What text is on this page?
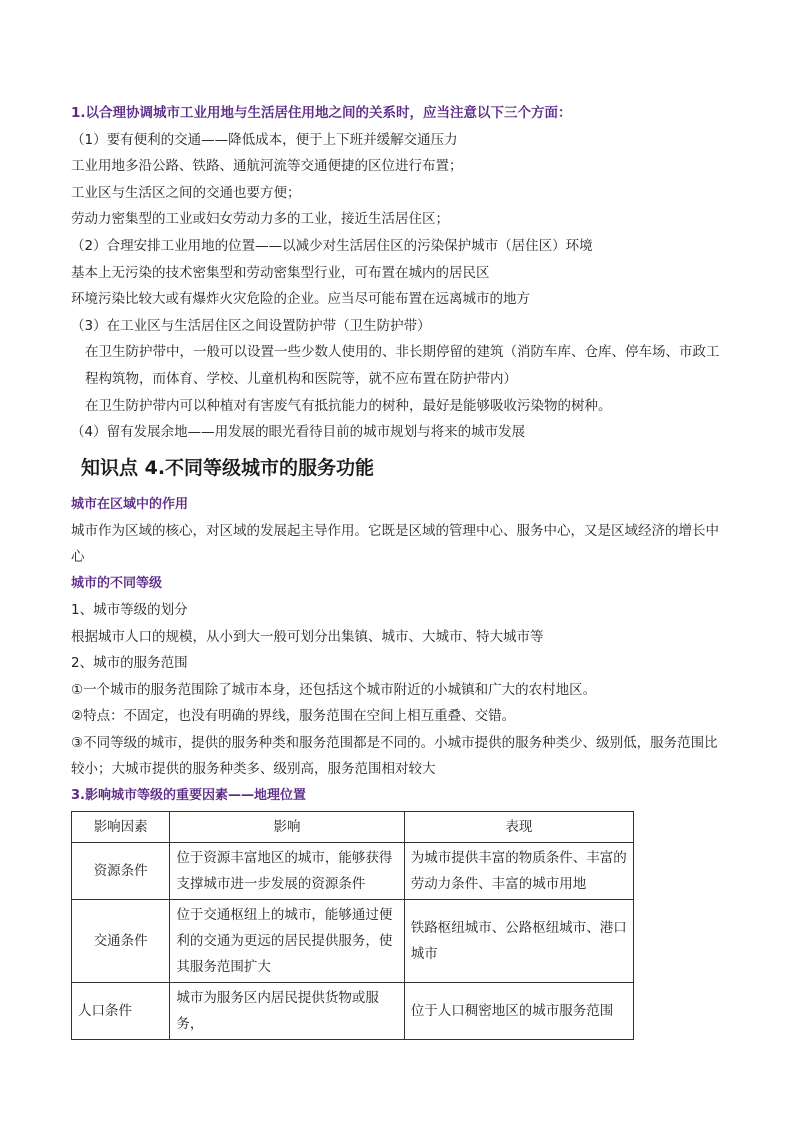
1.以合理协调城市工业用地与生活居住用地之间的关系时，应当注意以下三个方面：
（1）要有便利的交通——降低成本，便于上下班并缓解交通压力
工业用地多沿公路、铁路、通航河流等交通便捷的区位进行布置；
工业区与生活区之间的交通也要方便；
劳动力密集型的工业或妇女劳动力多的工业，接近生活居住区；
（2）合理安排工业用地的位置——以减少对生活居住区的污染保护城市（居住区）环境
基本上无污染的技术密集型和劳动密集型行业，可布置在城内的居民区
环境污染比较大或有爆炸火灾危险的企业。应当尽可能布置在远离城市的地方
（3）在工业区与生活居住区之间设置防护带（卫生防护带）
在卫生防护带中，一般可以设置一些少数人使用的、非长期停留的建筑（消防车库、仓库、停车场、市政工程构筑物，而体育、学校、儿童机构和医院等，就不应布置在防护带内）
在卫生防护带内可以种植对有害废气有抵抗能力的树种，最好是能够吸收污染物的树种。
（4）留有发展余地——用发展的眼光看待目前的城市规划与将来的城市发展
知识点 4.不同等级城市的服务功能
城市在区域中的作用
城市作为区域的核心，对区域的发展起主导作用。它既是区域的管理中心、服务中心，又是区域经济的增长中心
城市的不同等级
1、城市等级的划分
根据城市人口的规模，从小到大一般可划分出集镇、城市、大城市、特大城市等
2、城市的服务范围
①一个城市的服务范围除了城市本身，还包括这个城市附近的小城镇和广大的农村地区。
②特点：不固定，也没有明确的界线，服务范围在空间上相互重叠、交错。
③不同等级的城市，提供的服务种类和服务范围都是不同的。小城市提供的服务种类少、级别低，服务范围比较小；大城市提供的服务种类多、级别高，服务范围相对较大
3.影响城市等级的重要因素——地理位置
影响因素	影响	表现
资源条件	位于资源丰富地区的城市，能够获得支撑城市进一步发展的资源条件	为城市提供丰富的物质条件、丰富的劳动力条件、丰富的城市用地
交通条件	位于交通枢纽上的城市，能够通过便利的交通为更远的居民提供服务，使其服务范围扩大	铁路枢纽城市、公路枢纽城市、港口城市
人口条件	城市为服务区内居民提供货物或服务，	位于人口稠密地区的城市服务范围
